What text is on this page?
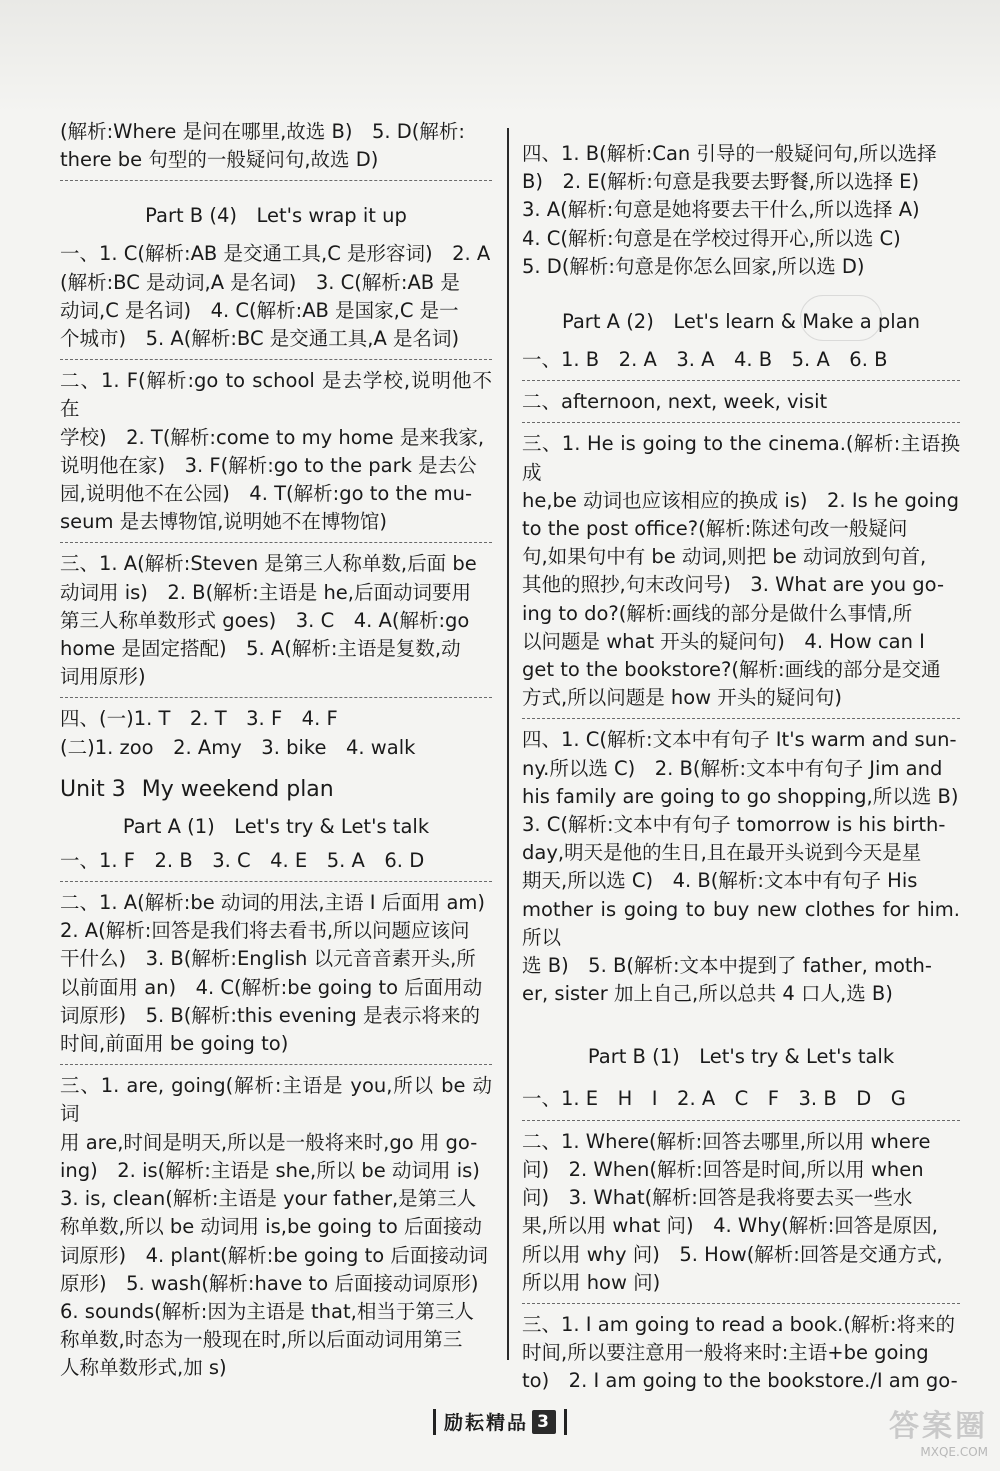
(解析:Where 是问在哪里,故选 B)　5. D(解析:

there be 句型的一般疑问句,故选 D)

Part B (4)　Let's wrap it up

一、1. C(解析:AB 是交通工具,C 是形容词)　2. A

(解析:BC 是动词,A 是名词)　3. C(解析:AB 是

动词,C 是名词)　4. C(解析:AB 是国家,C 是一

个城市)　5. A(解析:BC 是交通工具,A 是名词)

二、1. F(解析:go to school 是去学校,说明他不在

学校)　2. T(解析:come to my home 是来我家,

说明他在家)　3. F(解析:go to the park 是去公

园,说明他不在公园)　4. T(解析:go to the mu-

seum 是去博物馆,说明她不在博物馆)

三、1. A(解析:Steven 是第三人称单数,后面 be

动词用 is)　2. B(解析:主语是 he,后面动词要用

第三人称单数形式 goes)　3. C　4. A(解析:go

home 是固定搭配)　5. A(解析:主语是复数,动

词用原形)

四、(一)1. T　2. T　3. F　4. F

(二)1. zoo　2. Amy　3. bike　4. walk

Unit 3 My weekend plan
Part A (1)　Let's try & Let's talk

一、1. F　2. B　3. C　4. E　5. A　6. D

二、1. A(解析:be 动词的用法,主语 I 后面用 am)

2. A(解析:回答是我们将去看书,所以问题应该问

干什么)　3. B(解析:English 以元音音素开头,所

以前面用 an)　4. C(解析:be going to 后面用动

词原形)　5. B(解析:this evening 是表示将来的

时间,前面用 be going to)

三、1. are, going(解析:主语是 you,所以 be 动词

用 are,时间是明天,所以是一般将来时,go 用 go-

ing)　2. is(解析:主语是 she,所以 be 动词用 is)

3. is, clean(解析:主语是 your father,是第三人

称单数,所以 be 动词用 is,be going to 后面接动

词原形)　4. plant(解析:be going to 后面接动词

原形)　5. wash(解析:have to 后面接动词原形)

6. sounds(解析:因为主语是 that,相当于第三人

称单数,时态为一般现在时,所以后面动词用第三

人称单数形式,加 s)

四、1. B(解析:Can 引导的一般疑问句,所以选择

B)　2. E(解析:句意是我要去野餐,所以选择 E)

3. A(解析:句意是她将要去干什么,所以选择 A)

4. C(解析:句意是在学校过得开心,所以选 C)

5. D(解析:句意是你怎么回家,所以选 D)

Part A (2)　Let's learn & Make a plan

一、1. B　2. A　3. A　4. B　5. A　6. B

二、afternoon, next, week, visit

三、1. He is going to the cinema.(解析:主语换成

he,be 动词也应该相应的换成 is)　2. Is he going

to the post office?(解析:陈述句改一般疑问

句,如果句中有 be 动词,则把 be 动词放到句首,

其他的照抄,句末改问号)　3. What are you go-

ing to do?(解析:画线的部分是做什么事情,所

以问题是 what 开头的疑问句)　4. How can I

get to the bookstore?(解析:画线的部分是交通

方式,所以问题是 how 开头的疑问句)

四、1. C(解析:文本中有句子 It's warm and sun-

ny.所以选 C)　2. B(解析:文本中有句子 Jim and

his family are going to go shopping,所以选 B)

3. C(解析:文本中有句子 tomorrow is his birth-

day,明天是他的生日,且在最开头说到今天是星

期天,所以选 C)　4. B(解析:文本中有句子 His

mother is going to buy new clothes for him.所以

选 B)　5. B(解析:文本中提到了 father, moth-

er, sister 加上自己,所以总共 4 口人,选 B)

Part B (1)　Let's try & Let's talk

一、1. E　H　I　2. A　C　F　3. B　D　G

二、1. Where(解析:回答去哪里,所以用 where

问)　2. When(解析:回答是时间,所以用 when

问)　3. What(解析:回答是我将要去买一些水

果,所以用 what 问)　4. Why(解析:回答是原因,

所以用 why 问)　5. How(解析:回答是交通方式,

所以用 how 问)

三、1. I am going to read a book.(解析:将来的

时间,所以要注意用一般将来时:主语+be going

to)　2. I am going to the bookstore./I am go-

励耘精品 3	答案圈
MXQE.COM
